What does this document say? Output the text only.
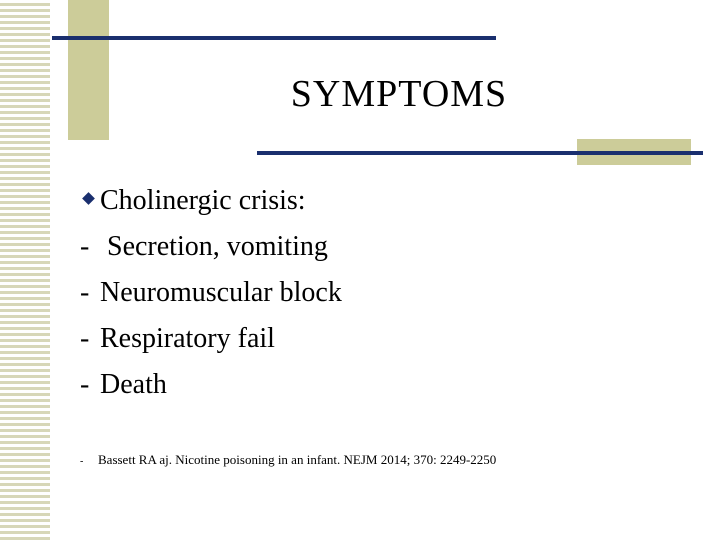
SYMPTOMS
Cholinergic crisis:
- Secretion, vomiting
- Neuromuscular block
- Respiratory fail
- Death
-	Bassett RA aj. Nicotine poisoning in an infant. NEJM 2014; 370: 2249-2250
